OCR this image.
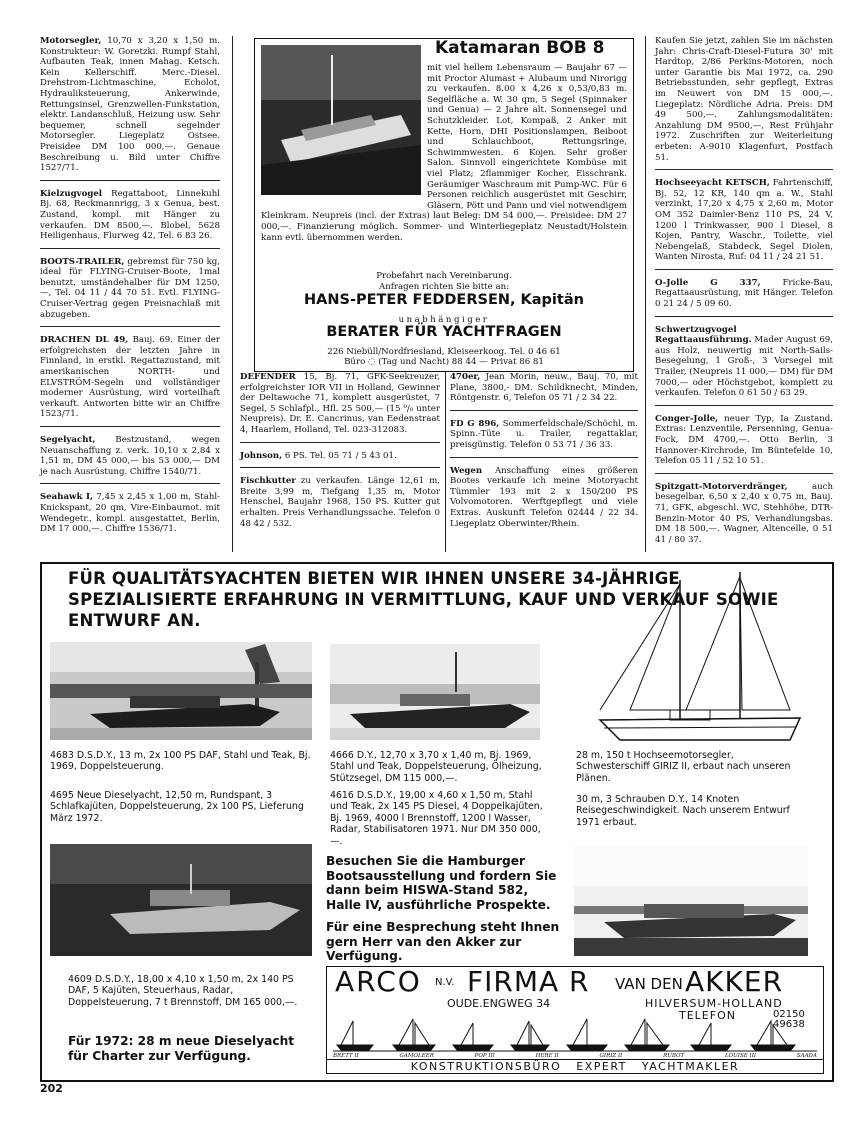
Motorsegler, 10,70 x 3,20 x 1,50 m. Konstrukteur: W. Goretzki. Rumpf Stahl, Aufbauten Teak, innen Mahag. Ketsch. Kein Kellerschiff. Merc.-Diesel. Drehstrom-Lichtmaschine, Echolot, Hydrauliksteuerung, Ankerwinde, Rettungsinsel, Grenzwellen-Funkstation, elektr. Landanschluß, Heizung usw. Sehr bequemer, schnell segelnder Motorsegler. Liegeplatz Ostsee. Preisidee DM 100 000,—. Genaue Beschreibung u. Bild unter Chiffre 1527/71.
Kielzugvogel Regattaboot, Linnekuhl Bj. 68, Reckmannrigg, 3 x Genua, best. Zustand, kompl. mit Hänger zu verkaufen. DM 8500,—. Blobel, 5628 Heiligenhaus, Flurweg 42, Tel. 6 83 26.
BOOTS-TRAILER, gebremst für 750 kg, ideal für FLYING-Cruiser-Boote, 1mal benutzt, umständehalber für DM 1250,—, Tel. 04 11 / 44 70 51. Evtl. FLYING-Cruiser-Vertrag gegen Preisnachlaß mit abzugeben.
DRACHEN DL 49, Bauj. 69. Einer der erfolgreichsten der letzten Jahre in Finnland, in erstkl. Regattazustand, mit amerikanischen NORTH- und ELVSTRÖM-Segeln und vollständiger moderner Ausrüstung, wird vorteilhaft verkauft. Antworten bitte wir an Chiffre 1523/71.
Segelyacht, Bestzustand, wegen Neuanschaffung z. verk. 10,10 x 2,84 x 1,51 m, DM 45 000,— bis 53 000,— DM je nach Ausrüstung. Chiffre 1540/71.
Seahawk I, 7,45 x 2,45 x 1,00 m, Stahl-Knickspant, 20 qm, Vire-Einbaumot. mit Wendegetr., kompl. ausgestattet, Berlin, DM 17 000,—. Chiffre 1536/71.
Katamaran BOB 8
mit viel hellem Lebensraum — Baujahr 67 — mit Proctor Alumast + Alubaum und Nirorigg zu verkaufen. 8.00 x 4,26 x 0,53/0,83 m. Segelfläche a. W. 30 qm, 5 Segel (Spinnaker und Genua) — 2 Jahre alt. Sonnensegel und Schutzkleider. Lot, Kompaß, 2 Anker mit Kette, Horn, DHI Positionslampen, Beiboot und Schlauchboot, Rettungsringe, Schwimmwesten. 6 Kojen. Sehr großer Salon. Sinnvoll eingerichtete Kombüse mit viel Platz; 2flammiger Kocher, Eisschrank. Geräumiger Waschraum mit Pump-WC. Für 6 Personen reichlich ausgerüstet mit Geschirr, Gläsern, Pött und Pann und viel notwendigem Kleinkram. Neupreis (incl. der Extras) laut Beleg: DM 54 000,—. Preisidee: DM 27 000,—. Finanzierung möglich. Sommer- und Winterliegeplatz Neustadt/Holstein kann evtl. übernommen werden.
Probefahrt nach Vereinbarung.
Anfragen richten Sie bitte an:
HANS-PETER FEDDERSEN, Kapitän
unabhängiger
BERATER FÜR YACHTFRAGEN
226 Niebüll/Nordfriesland, Kleiseerkoog. Tel. 0 46 61
Büro ◌ (Tag und Nacht) 88 44 — Privat 86 81
DEFENDER 15, Bj. 71, GFK-Seekreuzer, erfolgreichster IOR VII in Holland, Gewinner der Deltawoche 71, komplett ausgerüstet, 7 Segel, 5 Schlafpl., Hfl. 25 500,— (15 ⁰/₀ unter Neupreis). Dr. E. Cancrinus, van Eedenstraat 4, Haarlem, Holland, Tel. 023-312083.
Johnson, 6 PS. Tel. 05 71 / 5 43 01.
Fischkutter zu verkaufen. Länge 12,61 m, Breite 3,99 m, Tiefgang 1,35 m, Motor Henschel, Baujahr 1968, 150 PS. Kutter gut erhalten. Preis Verhandlungssache. Telefon 0 48 42 / 532.
470er, Jean Morin, neuw., Bauj. 70, mit Plane, 3800,- DM. Schildknecht, Minden, Röntgenstr. 6, Telefon 05 71 / 2 34 22.
FD G 896, Sommerfeldschale/Schöchl, m. Spinn.-Tüte u. Trailer, regattaklar, preisgünstig. Telefon 0 53 71 / 36 33.
Wegen Anschaffung eines größeren Bootes verkaufe ich meine Motoryacht Tümmler 193 mit 2 x 150/200 PS Volvomotoren. Werftgepflegt und viele Extras. Auskunft Telefon 02444 / 22 34. Liegeplatz Oberwinter/Rhein.
Kaufen Sie jetzt, zahlen Sie im nächsten Jahr: Chris-Craft-Diesel-Futura 30' mit Hardtop, 2/86 Perkins-Motoren, noch unter Garantie bis Mai 1972, ca. 290 Betriebsstunden, sehr gepflegt, Extras im Neuwert von DM 15 000,—. Liegeplatz: Nördliche Adria. Preis: DM 49 500,—. Zahlungsmodalitäten: Anzahlung DM 9500,—, Rest Frühjahr 1972. Zuschriften zur Weiterleitung erbeten: A-9010 Klagenfurt, Postfach 51.
Hochseeyacht KETSCH, Fahrtenschiff, Bj. 52, 12 KR, 140 qm a. W., Stahl verzinkt, 17,20 x 4,75 x 2,60 m, Motor OM 352 Daimler-Benz 110 PS, 24 V, 1200 l Trinkwasser, 900 l Diesel, 8 Kojen, Pantry, Waschr., Toilette, viel Nebengelaß, Stabdeck, Segel Diolen, Wanten Nirosta, Ruf: 04 11 / 24 21 51.
O-Jolle G 337,	Fricke-Bau, Regattaausrüstung, mit Hänger. Telefon 0 21 24 / 5 09 60.
Schwertzugvogel Regattaausführung. Mader August 69, aus Holz, neuwertig mit North-Sails-Besegelung, 1 Groß-, 3 Vorsegel mit Trailer, (Neupreis 11 000,— DM) für DM 7000,— oder Höchstgebot, komplett zu verkaufen. Telefon 0 61 50 / 63 29.
Conger-Jolle, neuer Typ, Ia Zustand. Extras: Lenzventile, Persenning, Genua-Fock, DM 4700,—. Otto Berlin, 3 Hannover-Kirchrode, Im Büntefelde 10, Telefon 05 11 / 52 10 51.
Spitzgatt-Motorverdränger,	auch besegelbar, 6,50 x 2,40 x 0,75 m, Bauj. 71, GFK, abgeschl. WC, Stehhöhe, DTR-Benzin-Motor 40 PS, Verhandlungsbas. DM 18 500,—. Wagner, Altencelle, 0 51 41 / 80 37.
FÜR QUALITÄTSYACHTEN BIETEN WIR IHNEN UNSERE 34-JÄHRIGE SPEZIALISIERTE ERFAHRUNG IN VERMITTLUNG, KAUF UND VERKAUF SOWIE ENTWURF AN.
4683 D.S.D.Y., 13 m, 2x 100 PS DAF, Stahl und Teak, Bj. 1969, Doppelsteuerung.
4666 D.Y., 12,70 x 3,70 x 1,40 m, Bj. 1969, Stahl und Teak, Doppelsteuerung, Ölheizung, Stützsegel, DM 115 000,—.
28 m, 150 t Hochseemotorsegler, Schwesterschiff GIRIZ II, erbaut nach unseren Plänen.
4695 Neue Dieselyacht, 12,50 m, Rundspant, 3 Schlafkajüten, Doppelsteuerung, 2x 100 PS, Lieferung März 1972.
4616 D.S.D.Y., 19,00 x 4,60 x 1,50 m, Stahl und Teak, 2x 145 PS Diesel, 4 Doppelkajüten, Bj. 1969, 4000 l Brennstoff, 1200 l Wasser, Radar, Stabilisatoren 1971. Nur DM 350 000,—.
30 m, 3 Schrauben D.Y., 14 Knoten Reisegeschwindigkeit. Nach unserem Entwurf 1971 erbaut.
Besuchen Sie die Hamburger Bootsausstellung und fordern Sie dann beim HISWA-Stand 582, Halle IV, ausführliche Prospekte.
Für eine Besprechung steht Ihnen gern Herr van den Akker zur Verfügung.
4609 D.S.D.Y., 18,00 x 4,10 x 1,50 m, 2x 140 PS DAF, 5 Kajüten, Steuerhaus, Radar, Doppelsteuerung, 7 t Brennstoff, DM 165 000,—.
Für 1972: 28 m neue Dieselyacht für Charter zur Verfügung.
ARCO N.V. FIRMA R VAN DEN AKKER
OUDE.ENGWEG 34	HILVERSUM-HOLLAND
TELEFON	02150
49638
BRETT II	GAMOLEER	POP III	HERE II	GIRIZ II	RUBOT	LOUISE III	SAADA
KONSTRUKTIONSBÜRO   EXPERT   YACHTMAKLER
202
